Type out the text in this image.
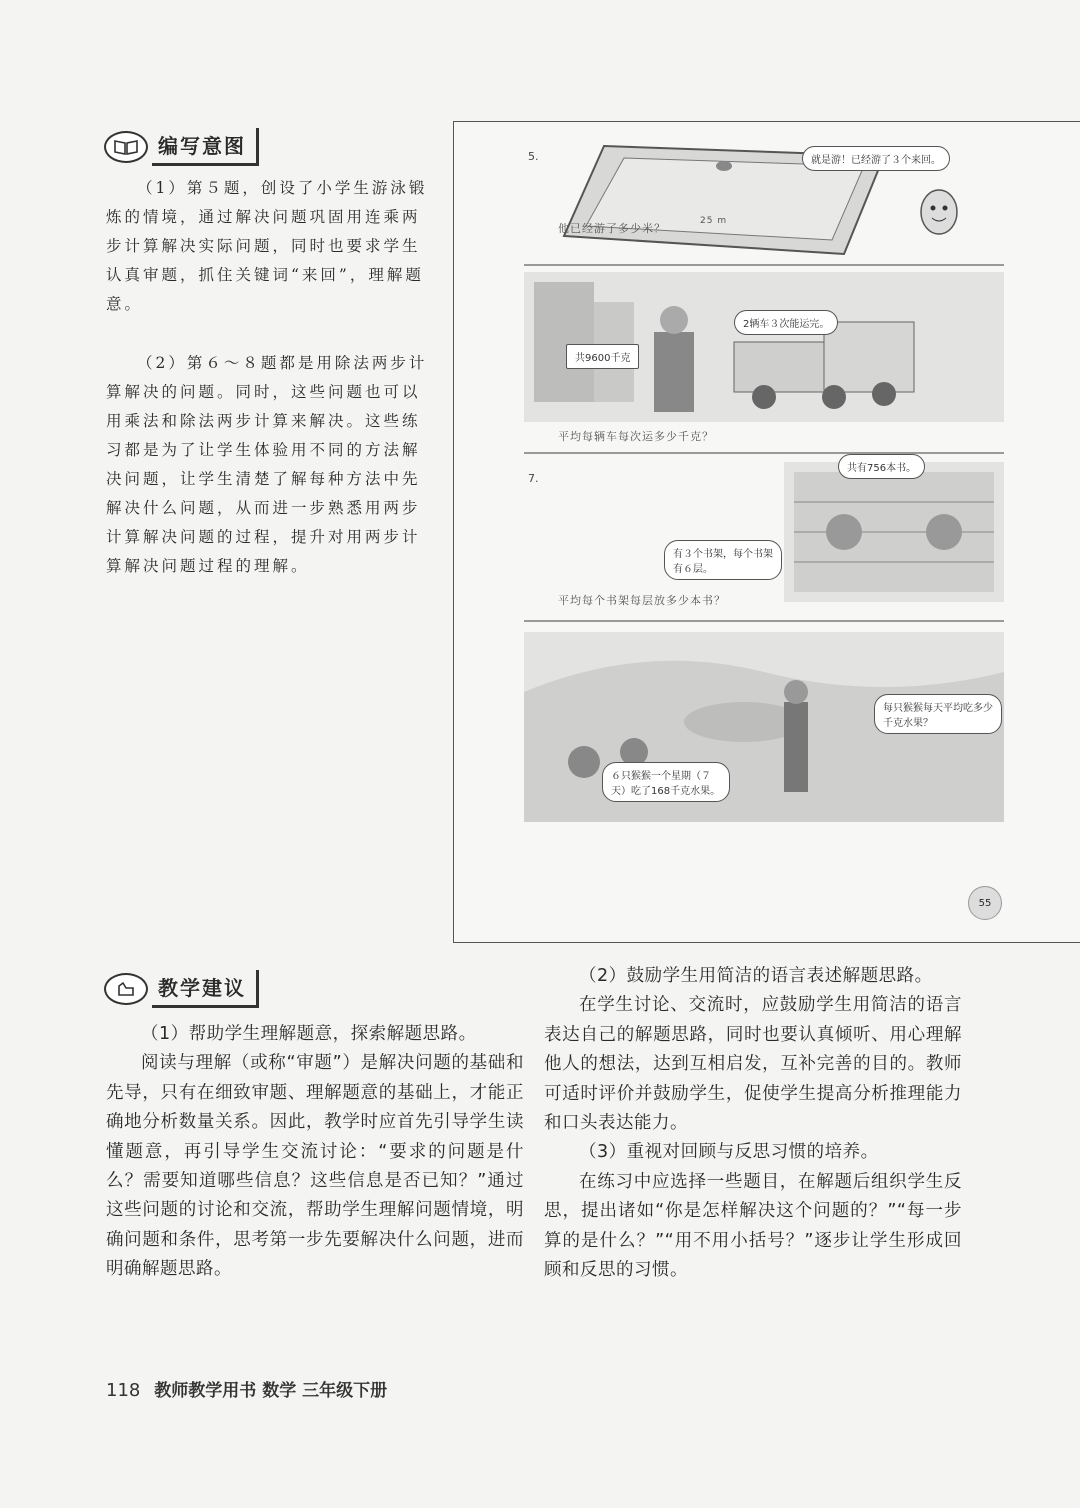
编写意图

（1）第５题，创设了小学生游泳锻炼的情境，通过解决问题巩固用连乘两步计算解决实际问题，同时也要求学生认真审题，抓住关键词“来回”，理解题意。

（2）第６～８题都是用除法两步计算解决的问题。同时，这些问题也可以用乘法和除法两步计算来解决。这些练习都是为了让学生体验用不同的方法解决问题，让学生清楚了解每种方法中先解决什么问题，从而进一步熟悉用两步计算解决问题的过程，提升对用两步计算解决问题过程的理解。

5.	就是游！已经游了３个来回。
他已经游了多少米？
25 m
2辆车３次能运完。
共9600千克
平均每辆车每次运多少千克？
7.
共有756本书。
有３个书架，每个书架有６层。
平均每个书架每层放多少本书？
每只猴猴每天平均吃多少千克水果？
６只猴猴一个星期（７天）吃了168千克水果。
55
教学建议

（1）帮助学生理解题意，探索解题思路。

阅读与理解（或称“审题”）是解决问题的基础和先导，只有在细致审题、理解题意的基础上，才能正确地分析数量关系。因此，教学时应首先引导学生读懂题意，再引导学生交流讨论：“要求的问题是什么？需要知道哪些信息？这些信息是否已知？”通过这些问题的讨论和交流，帮助学生理解问题情境，明确问题和条件，思考第一步先要解决什么问题，进而明确解题思路。

（2）鼓励学生用简洁的语言表述解题思路。

在学生讨论、交流时，应鼓励学生用简洁的语言表达自己的解题思路，同时也要认真倾听、用心理解他人的想法，达到互相启发，互补完善的目的。教师可适时评价并鼓励学生，促使学生提高分析推理能力和口头表达能力。

（3）重视对回顾与反思习惯的培养。

在练习中应选择一些题目，在解题后组织学生反思，提出诸如“你是怎样解决这个问题的？”“每一步算的是什么？”“用不用小括号？”逐步让学生形成回顾和反思的习惯。

118 教师教学用书 数学 三年级下册
